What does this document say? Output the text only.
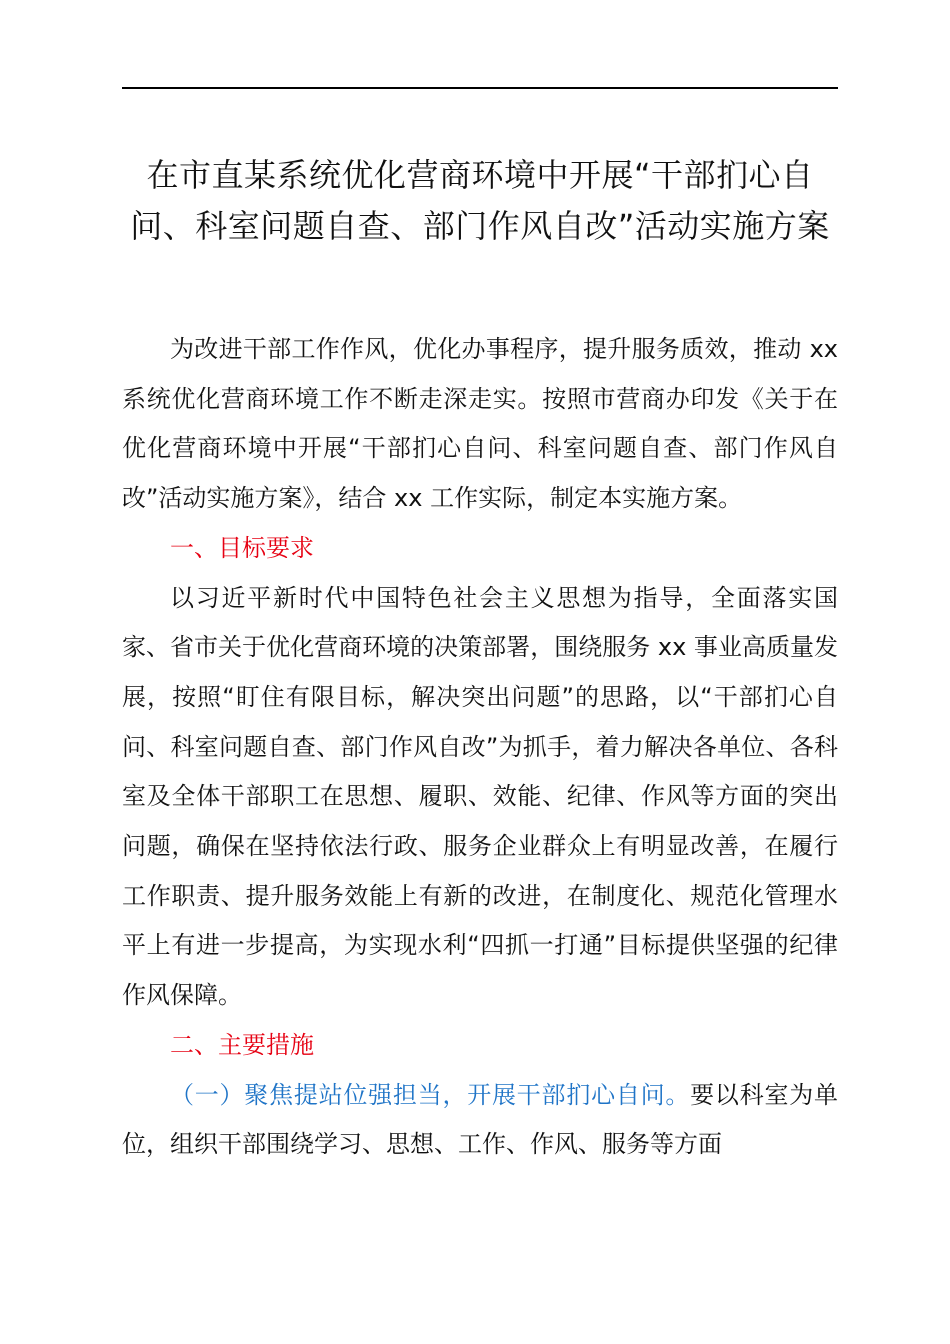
在市直某系统优化营商环境中开展“干部扪心自问、科室问题自查、部门作风自改”活动实施方案

为改进干部工作作风，优化办事程序，提升服务质效，推动 xx 系统优化营商环境工作不断走深走实。按照市营商办印发《关于在优化营商环境中开展“干部扪心自问、科室问题自查、部门作风自改”活动实施方案》，结合 xx 工作实际，制定本实施方案。

一、目标要求

以习近平新时代中国特色社会主义思想为指导，全面落实国家、省市关于优化营商环境的决策部署，围绕服务 xx 事业高质量发展，按照“盯住有限目标，解决突出问题”的思路，以“干部扪心自问、科室问题自查、部门作风自改”为抓手，着力解决各单位、各科室及全体干部职工在思想、履职、效能、纪律、作风等方面的突出问题，确保在坚持依法行政、服务企业群众上有明显改善，在履行工作职责、提升服务效能上有新的改进，在制度化、规范化管理水平上有进一步提高，为实现水利“四抓一打通”目标提供坚强的纪律作风保障。

二、主要措施

（一）聚焦提站位强担当，开展干部扪心自问。要以科室为单位，组织干部围绕学习、思想、工作、作风、服务等方面
